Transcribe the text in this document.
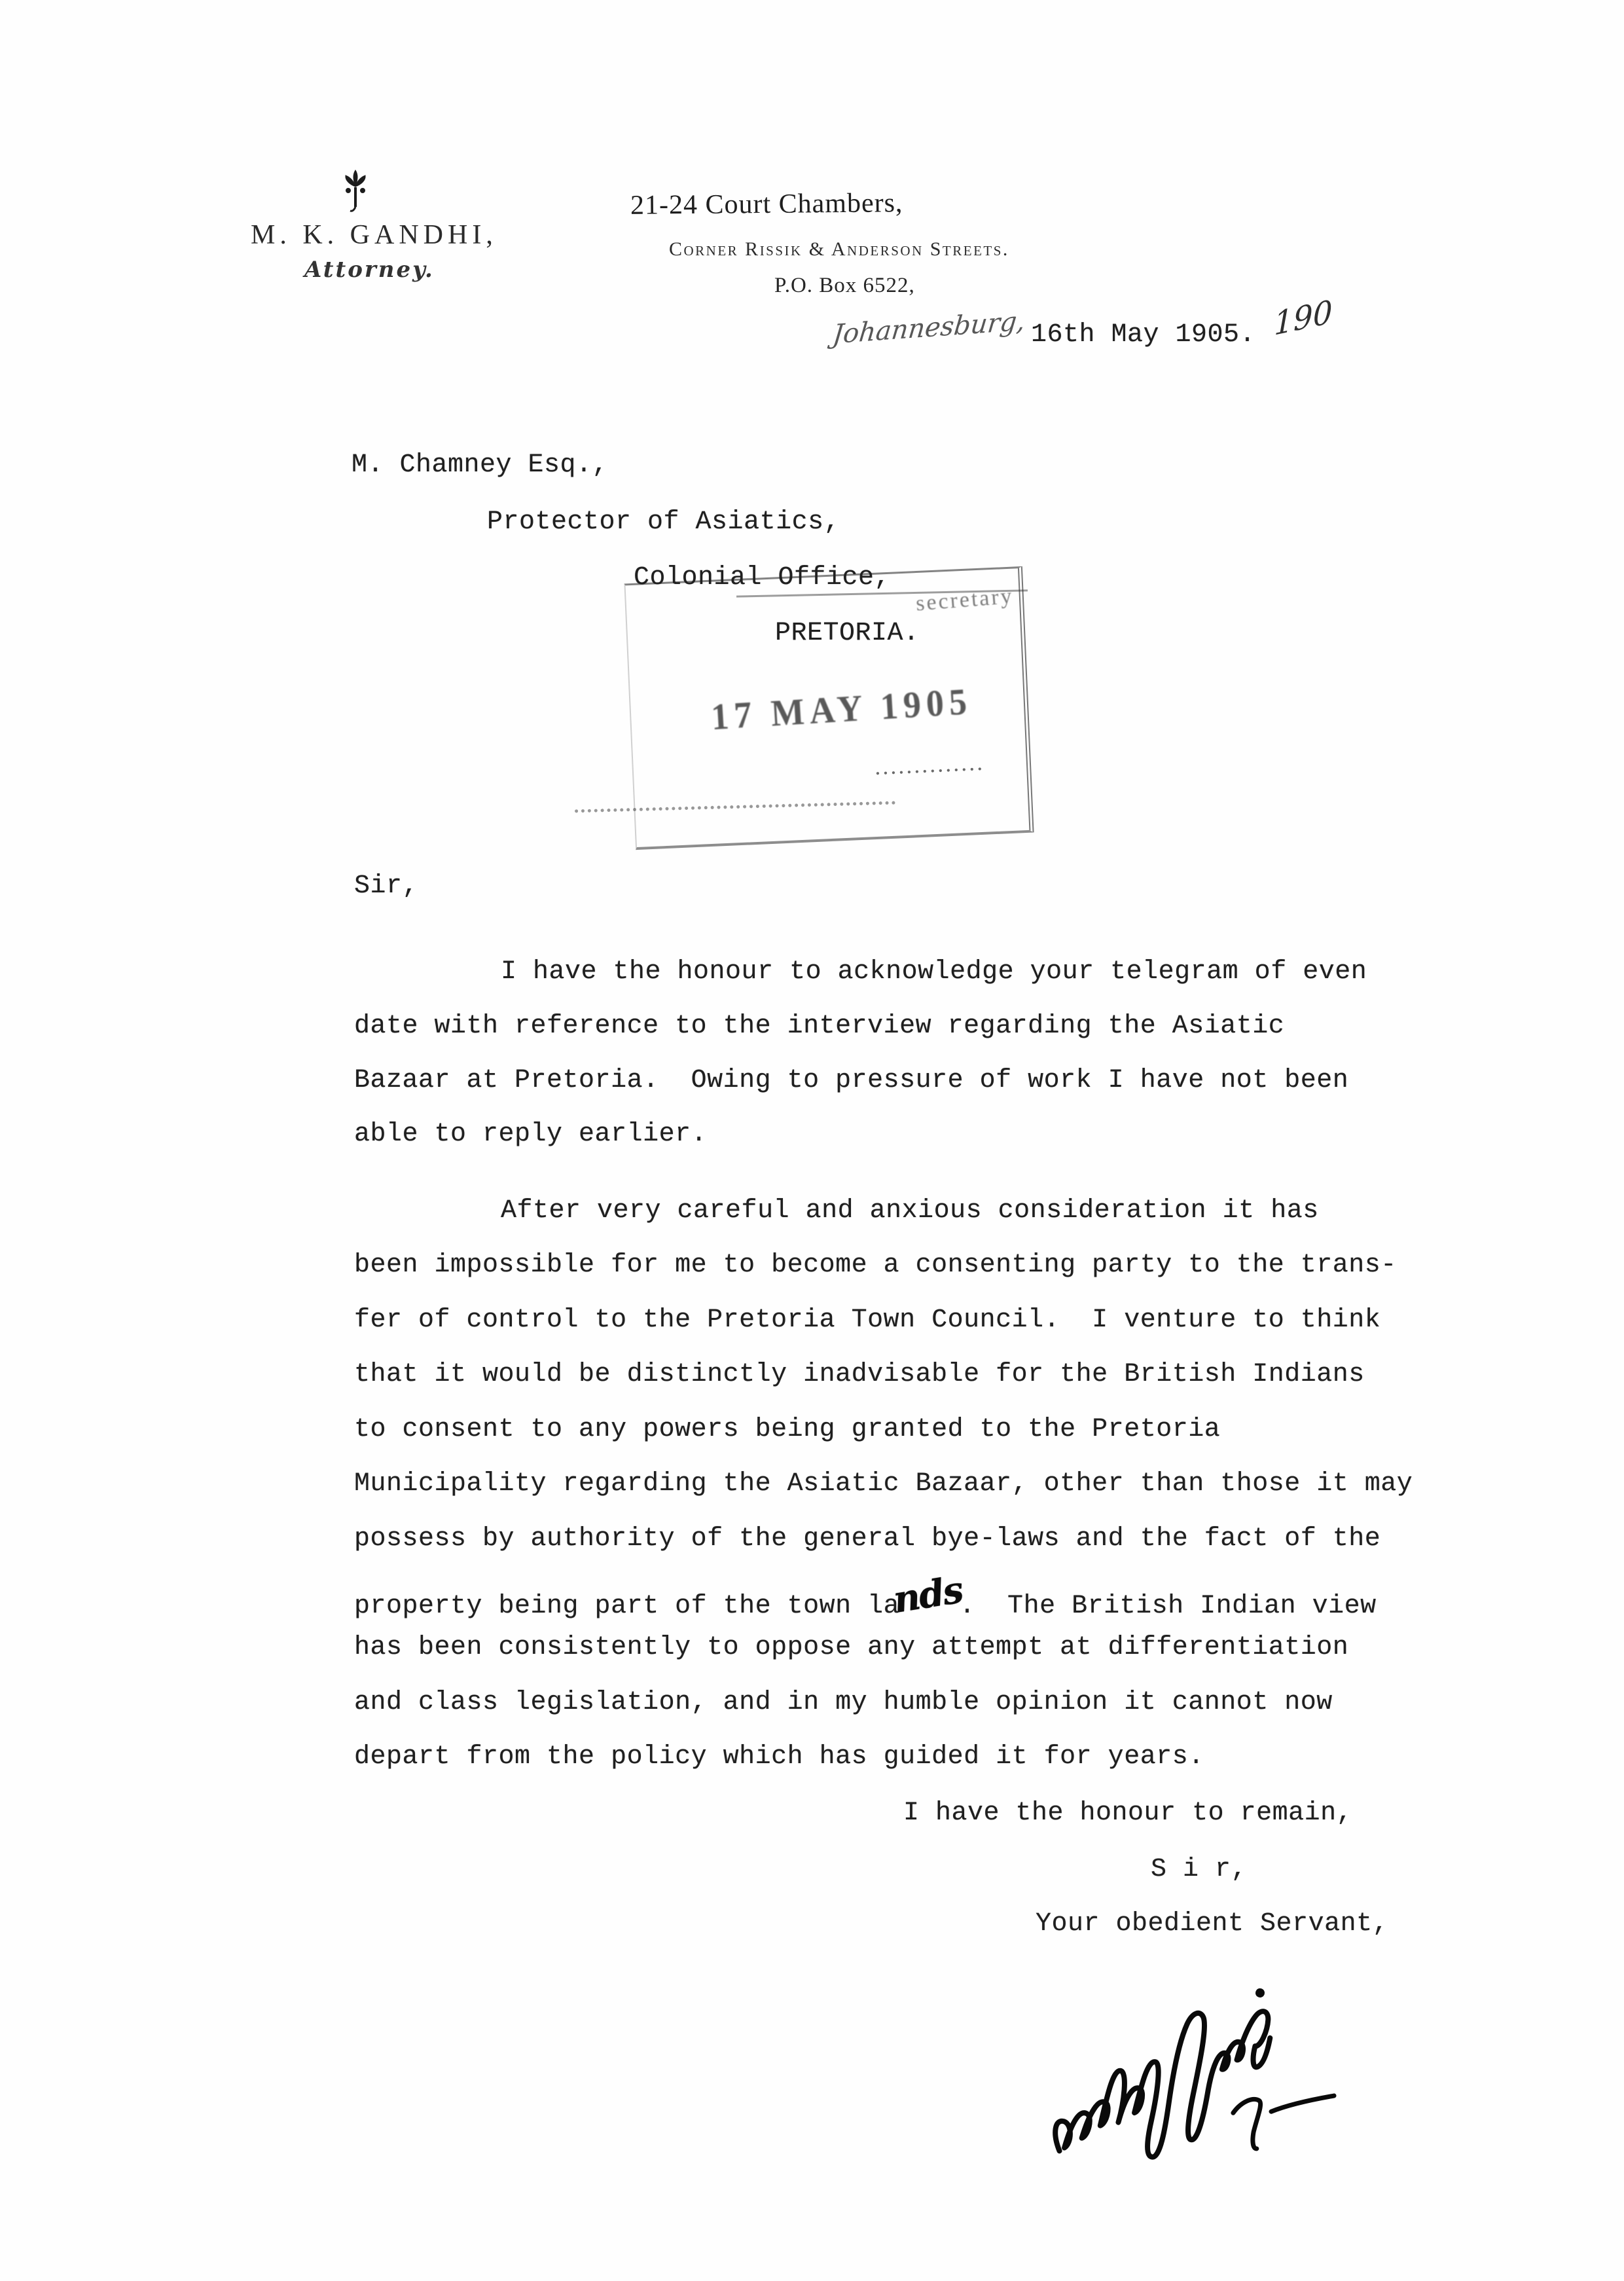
M. K. GANDHI,
Attorney.
21-24 Court Chambers,
Corner Rissik & Anderson Streets.
P.O. Box 6522,
Johannesburg, 16th May 1905. 190
M. Chamney Esq.,
Protector of Asiatics,
Colonial Office,
PRETORIA.
secretary
17 MAY 1905
..............
Sir,
I have the honour to acknowledge your telegram of even
date with reference to the interview regarding the Asiatic
Bazaar at Pretoria.  Owing to pressure of work I have not been
able to reply earlier.
After very careful and anxious consideration it has
been impossible for me to become a consenting party to the trans-
fer of control to the Pretoria Town Council.  I venture to think
that it would be distinctly inadvisable for the British Indians
to consent to any powers being granted to the Pretoria
Municipality regarding the Asiatic Bazaar, other than those it may
possess by authority of the general bye-laws and the fact of the
property being part of the town lands.  The British Indian view
has been consistently to oppose any attempt at differentiation
and class legislation, and in my humble opinion it cannot now
depart from the policy which has guided it for years.
I have the honour to remain,
S i r,
Your obedient Servant,
